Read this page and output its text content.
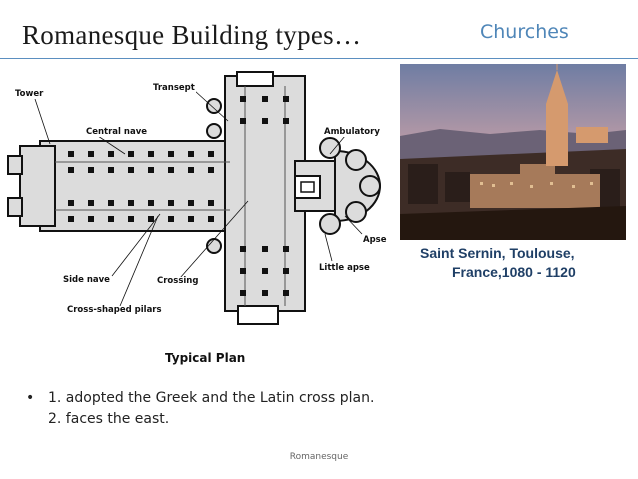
Romanesque Building types…	Churches
Tower
Transept
Central nave	Ambulatory
Apse
Little apse
Side nave	Crossing
Cross-shaped pilars
Saint Sernin, Toulouse,
France,1080 - 1120
Typical Plan
• 1. adopted the Greek and the Latin cross plan.
2. faces the east.
Romanesque
